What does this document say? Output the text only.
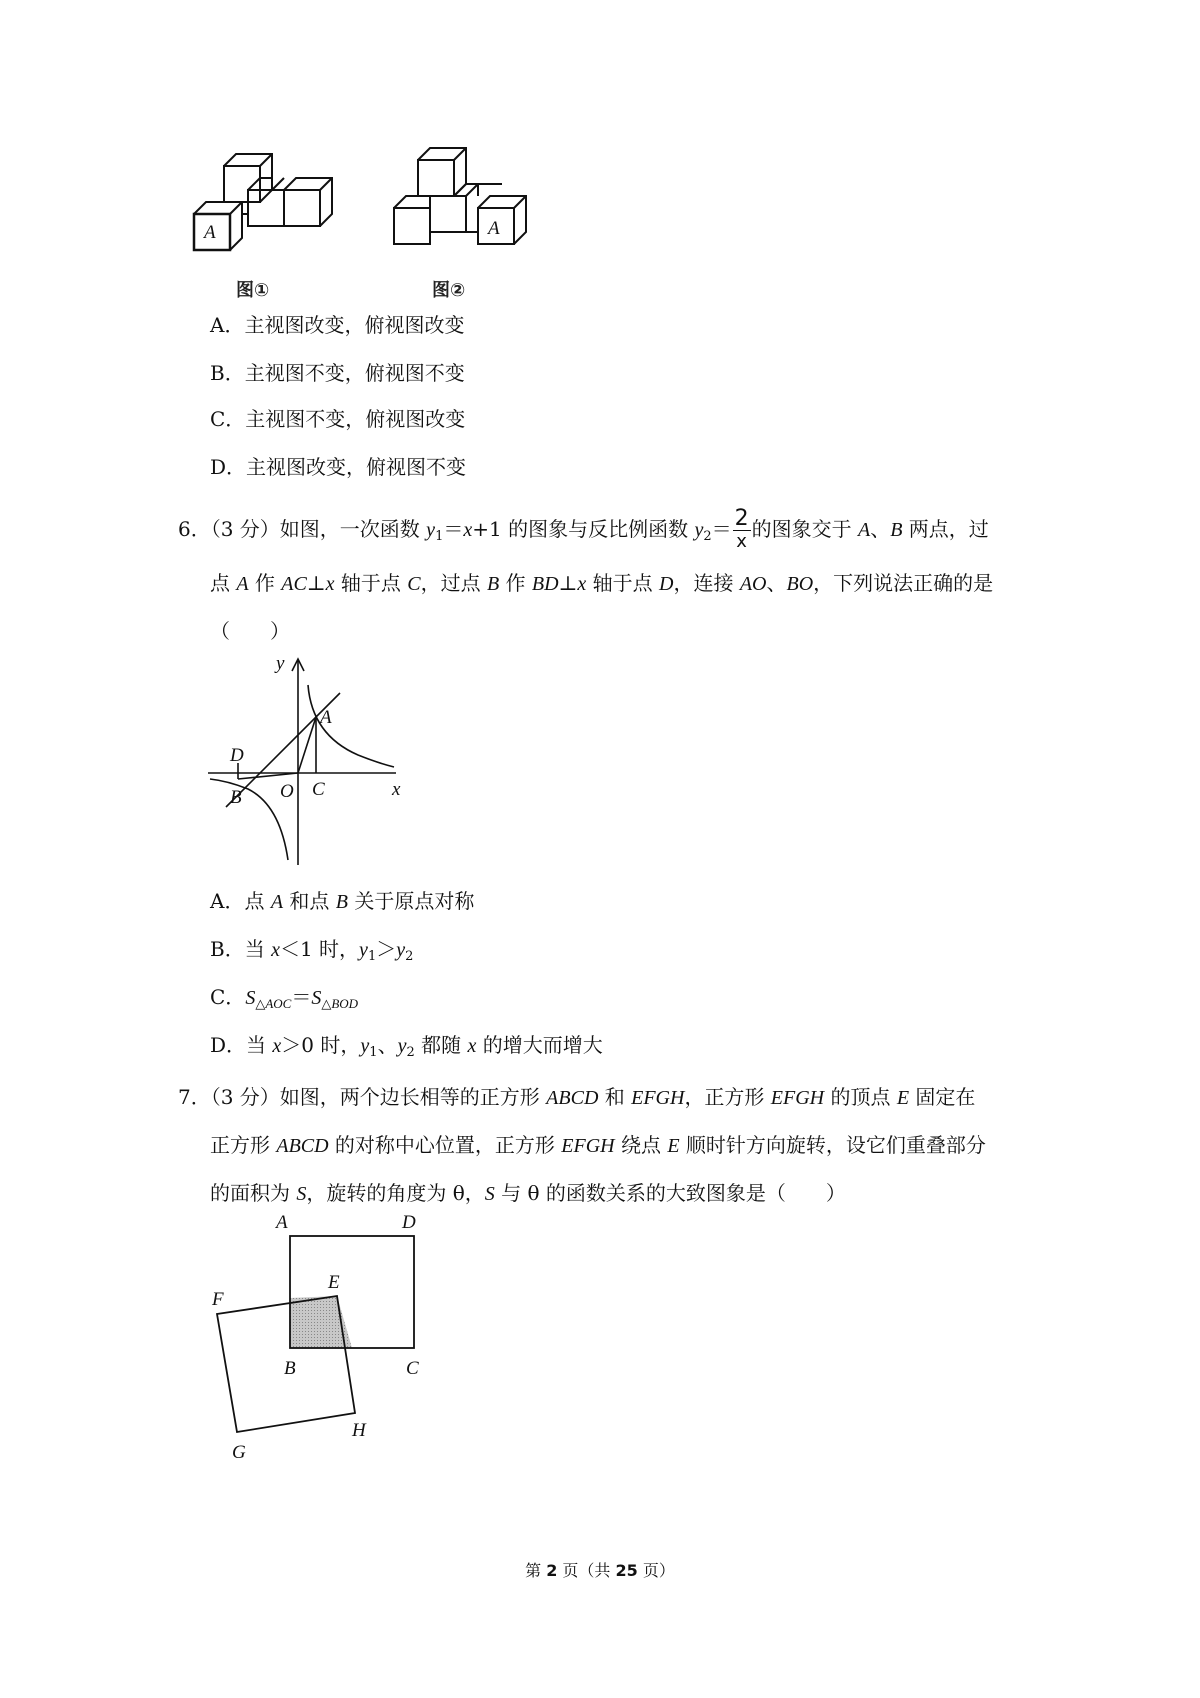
A
图①
A
图②
A．主视图改变，俯视图改变
B．主视图不变，俯视图不变
C．主视图不变，俯视图改变
D．主视图改变，俯视图不变
6．（3 分）如图，一次函数 $y_1=x+1$ 的图象与反比例函数 $y_2= \frac{2}{x}$ 的图象交于 A、B 两点，过
点 A 作 AC⊥x 轴于点 C，过点 B 作 BD⊥x 轴于点 D，连接 AO、BO，下列说法正确的是
（　　）
y
x
A
D
B O C
A．点 A 和点 B 关于原点对称
B．当 x＜1 时，$y_1>y_2$
C．$S_{\triangle AOC}=S_{\triangle BOD}$
D．当 x＞0 时，$y_1$、$y_2$ 都随 x 的增大而增大
7．（3 分）如图，两个边长相等的正方形 ABCD 和 EFGH，正方形 EFGH 的顶点 E 固定在
正方形 ABCD 的对称中心位置，正方形 EFGH 绕点 E 顺时针方向旋转，设它们重叠部分
的面积为 S，旋转的角度为 θ，S 与 θ 的函数关系的大致图象是（　　）
A	D
E
F
B	C
H
G
第 2 页（共 25 页）
